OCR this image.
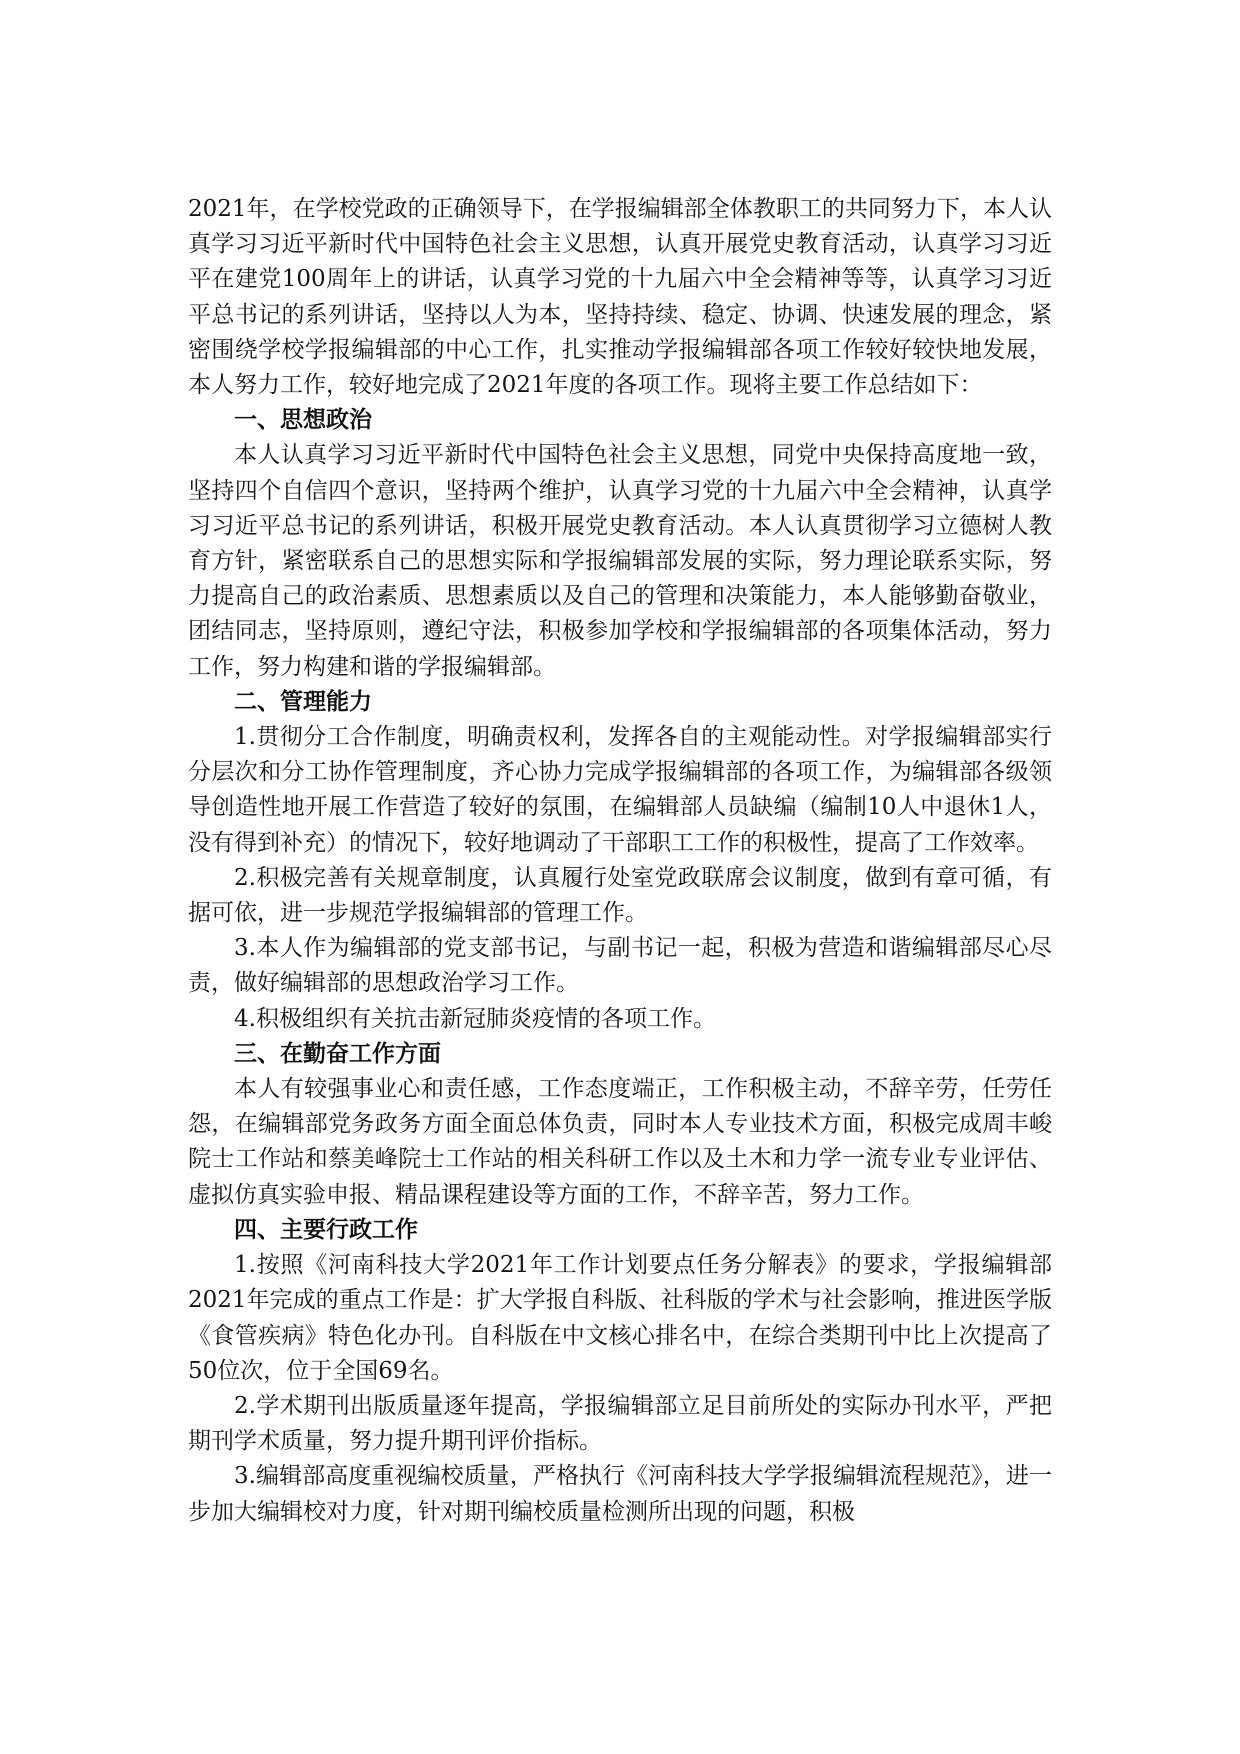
2021年，在学校党政的正确领导下，在学报编辑部全体教职工的共同努力下，本人认真学习习近平新时代中国特色社会主义思想，认真开展党史教育活动，认真学习习近平在建党100周年上的讲话，认真学习党的十九届六中全会精神等等，认真学习习近平总书记的系列讲话，坚持以人为本，坚持持续、稳定、协调、快速发展的理念，紧密围绕学校学报编辑部的中心工作，扎实推动学报编辑部各项工作较好较快地发展，本人努力工作，较好地完成了2021年度的各项工作。现将主要工作总结如下：

一、思想政治

本人认真学习习近平新时代中国特色社会主义思想，同党中央保持高度地一致，坚持四个自信四个意识，坚持两个维护，认真学习党的十九届六中全会精神，认真学习习近平总书记的系列讲话，积极开展党史教育活动。本人认真贯彻学习立德树人教育方针，紧密联系自己的思想实际和学报编辑部发展的实际，努力理论联系实际，努力提高自己的政治素质、思想素质以及自己的管理和决策能力，本人能够勤奋敬业，团结同志，坚持原则，遵纪守法，积极参加学校和学报编辑部的各项集体活动，努力工作，努力构建和谐的学报编辑部。

二、管理能力

1.贯彻分工合作制度，明确责权利，发挥各自的主观能动性。对学报编辑部实行分层次和分工协作管理制度，齐心协力完成学报编辑部的各项工作，为编辑部各级领导创造性地开展工作营造了较好的氛围，在编辑部人员缺编（编制10人中退休1人，没有得到补充）的情况下，较好地调动了干部职工工作的积极性，提高了工作效率。

2.积极完善有关规章制度，认真履行处室党政联席会议制度，做到有章可循，有据可依，进一步规范学报编辑部的管理工作。

3.本人作为编辑部的党支部书记，与副书记一起，积极为营造和谐编辑部尽心尽责，做好编辑部的思想政治学习工作。

4.积极组织有关抗击新冠肺炎疫情的各项工作。

三、在勤奋工作方面

本人有较强事业心和责任感，工作态度端正，工作积极主动，不辞辛劳，任劳任怨，在编辑部党务政务方面全面总体负责，同时本人专业技术方面，积极完成周丰峻院士工作站和蔡美峰院士工作站的相关科研工作以及土木和力学一流专业专业评估、虚拟仿真实验申报、精品课程建设等方面的工作，不辞辛苦，努力工作。

四、主要行政工作

1.按照《河南科技大学2021年工作计划要点任务分解表》的要求，学报编辑部2021年完成的重点工作是：扩大学报自科版、社科版的学术与社会影响，推进医学版《食管疾病》特色化办刊。自科版在中文核心排名中，在综合类期刊中比上次提高了50位次，位于全国69名。

2.学术期刊出版质量逐年提高，学报编辑部立足目前所处的实际办刊水平，严把期刊学术质量，努力提升期刊评价指标。

3.编辑部高度重视编校质量，严格执行《河南科技大学学报编辑流程规范》，进一步加大编辑校对力度，针对期刊编校质量检测所出现的问题，积极
